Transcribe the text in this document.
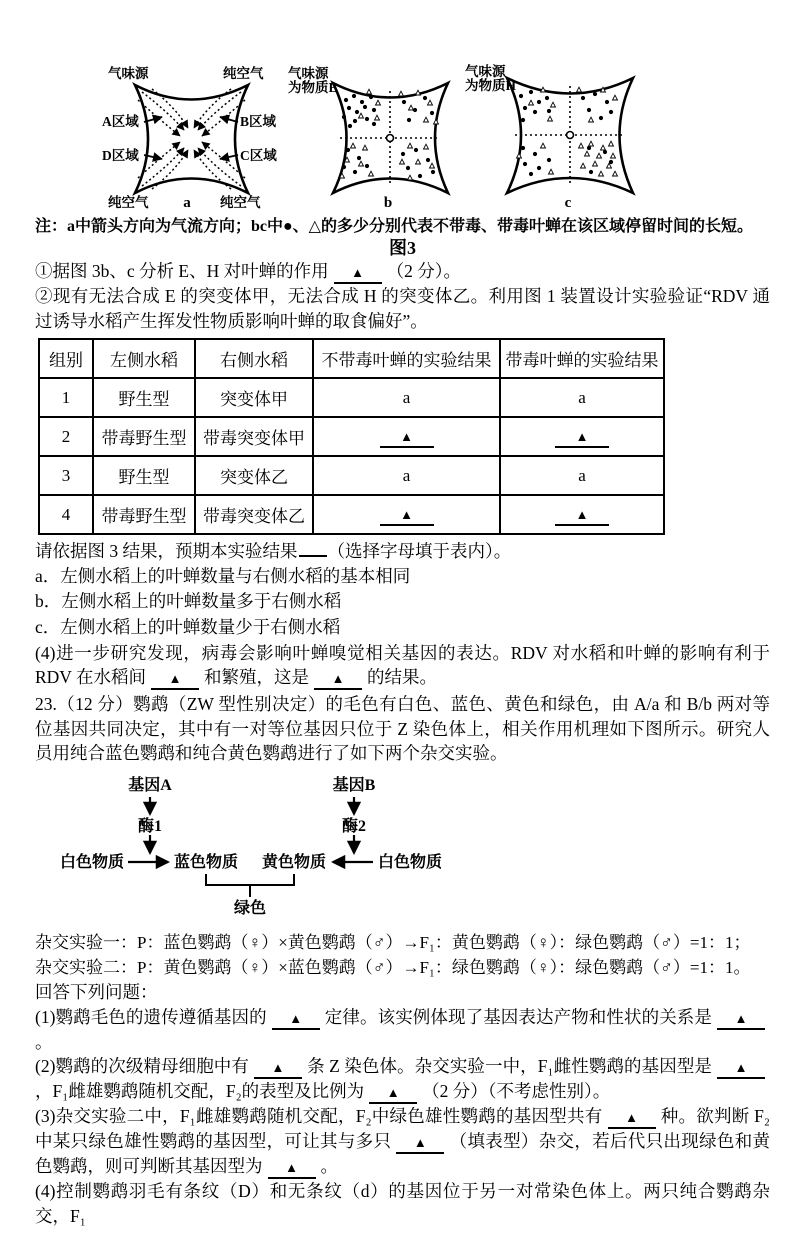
气味源	纯空气
A区域	B区域
D区域	C区域
纯空气 a 纯空气
气味源
为物质E
b
气味源
为物质H
c

注：a中箭头方向为气流方向；bc中●、△的多少分别代表不带毒、带毒叶蝉在该区域停留时间的长短。

图3

①据图 3b、c 分析 E、H 对叶蝉的作用 ▲ （2 分）。

②现有无法合成 E 的突变体甲，无法合成 H 的突变体乙。利用图 1 装置设计实验验证“RDV 通过诱导水稻产生挥发性物质影响叶蝉的取食偏好”。

组别	左侧水稻	右侧水稻	不带毒叶蝉的实验结果	带毒叶蝉的实验结果
1	野生型	突变体甲	a	a
2	带毒野生型	带毒突变体甲	▲	▲
3	野生型	突变体乙	a	a
4	带毒野生型	带毒突变体乙	▲	▲

请依据图 3 结果，预期本实验结果 （选择字母填于表内）。

a．左侧水稻上的叶蝉数量与右侧水稻的基本相同

b．左侧水稻上的叶蝉数量多于右侧水稻

c．左侧水稻上的叶蝉数量少于右侧水稻

(4)进一步研究发现，病毒会影响叶蝉嗅觉相关基因的表达。RDV 对水稻和叶蝉的影响有利于 RDV 在水稻间 ▲ 和繁殖，这是 ▲ 的结果。

23.（12 分）鹦鹉（ZW 型性别决定）的毛色有白色、蓝色、黄色和绿色，由 A/a 和 B/b 两对等位基因共同决定，其中有一对等位基因只位于 Z 染色体上，相关作用机理如下图所示。研究人员用纯合蓝色鹦鹉和纯合黄色鹦鹉进行了如下两个杂交实验。

基因A	基因B
酶1	酶2
白色物质	蓝色物质 黄色物质	白色物质
绿色

杂交实验一：P：蓝色鹦鹉（♀）×黄色鹦鹉（♂）→F₁：黄色鹦鹉（♀）：绿色鹦鹉（♂）=1：1；

杂交实验二：P：黄色鹦鹉（♀）×蓝色鹦鹉（♂）→F₁：绿色鹦鹉（♀）：绿色鹦鹉（♂）=1：1。

回答下列问题：

(1)鹦鹉毛色的遗传遵循基因的 ▲ 定律。该实例体现了基因表达产物和性状的关系是 ▲。

(2)鹦鹉的次级精母细胞中有 ▲ 条 Z 染色体。杂交实验一中，F₁雌性鹦鹉的基因型是 ▲，F₁雌雄鹦鹉随机交配，F₂的表型及比例为 ▲ （2 分）（不考虑性别）。

(3)杂交实验二中，F₁雌雄鹦鹉随机交配，F₂中绿色雄性鹦鹉的基因型共有 ▲ 种。欲判断 F₂中某只绿色雄性鹦鹉的基因型，可让其与多只 ▲ （填表型）杂交，若后代只出现绿色和黄色鹦鹉，则可判断其基因型为 ▲ 。

(4)控制鹦鹉羽毛有条纹（D）和无条纹（d）的基因位于另一对常染色体上。两只纯合鹦鹉杂交，F₁
